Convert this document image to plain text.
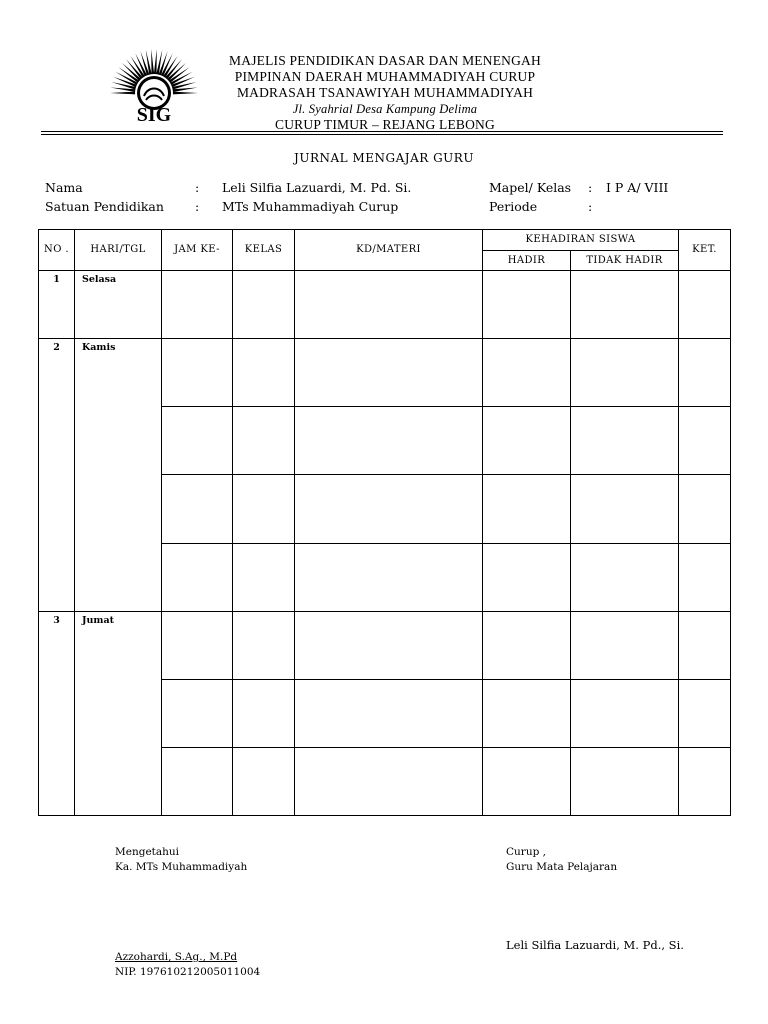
SIG
MAJELIS PENDIDIKAN DASAR DAN MENENGAH
PIMPINAN DAERAH MUHAMMADIYAH CURUP
MADRASAH TSANAWIYAH MUHAMMADIYAH
Jl. Syahrial Desa Kampung Delima
CURUP TIMUR – REJANG LEBONG
JURNAL MENGAJAR GURU
Nama	: Leli Silfia Lazuardi, M. Pd. Si.
Satuan Pendidikan : MTs Muhammadiyah Curup
Mapel/ Kelas : I P A/ VIII
Periode	:
NO .	HARI/TGL	JAM KE-	KELAS	KD/MATERI	KEHADIRAN SISWA		KET.
					HADIR	TIDAK HADIR	
1	Selasa						
2	Kamis						

3	Jumat						

Mengetahui
Ka. MTs Muhammadiyah
Azzohardi, S.Ag., M.Pd
NIP. 197610212005011004
Curup ,
Guru Mata Pelajaran
Leli Silfia Lazuardi, M. Pd., Si.
